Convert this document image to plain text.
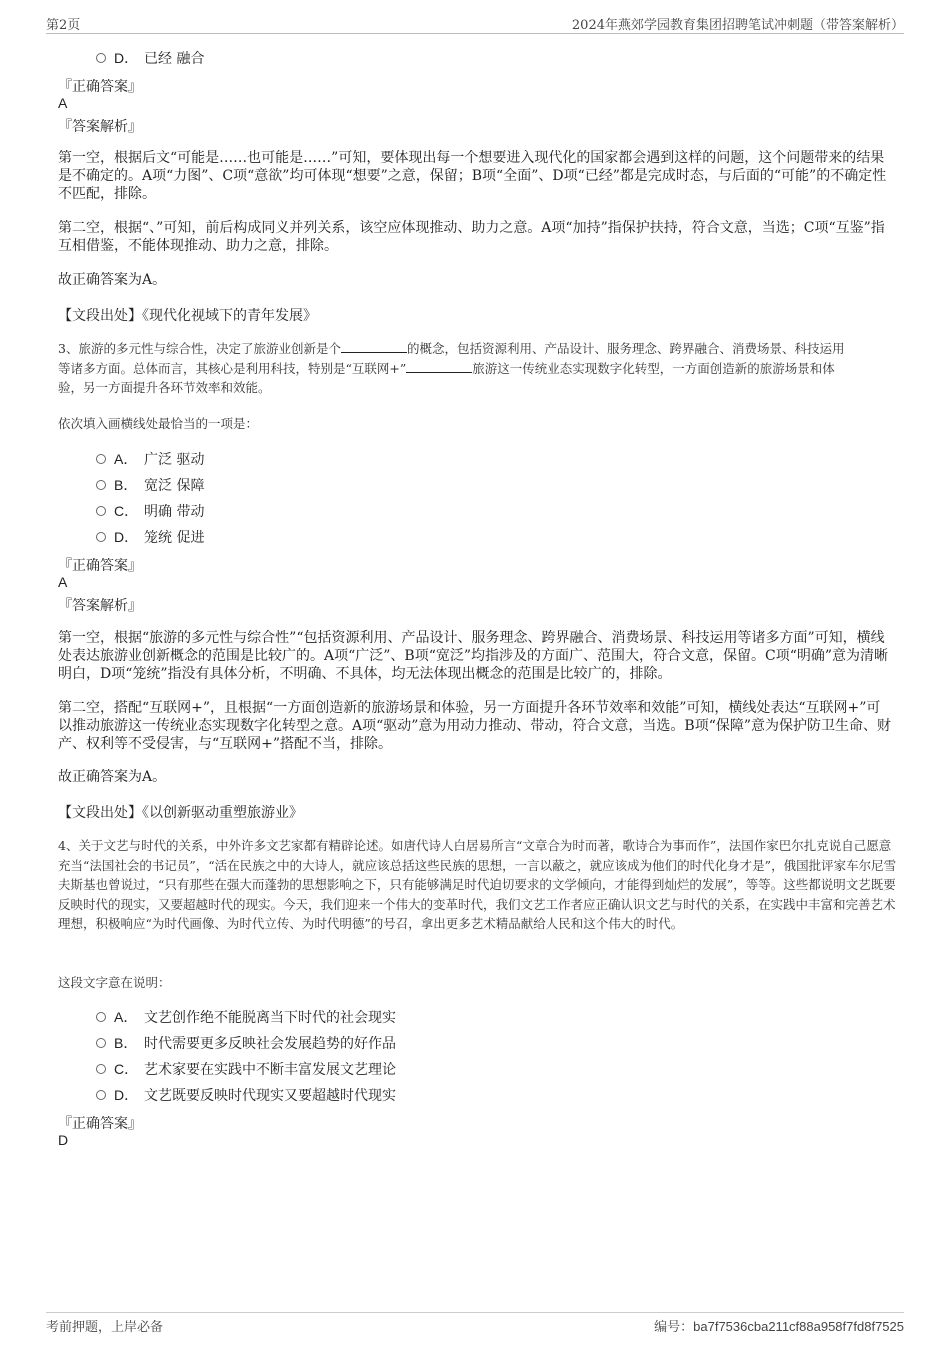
第2页	2024年燕郊学园教育集团招聘笔试冲刺题（带答案解析）
D． 已经 融合
『正确答案』
A
『答案解析』
第一空，根据后文“可能是……也可能是……”可知，要体现出每一个想要进入现代化的国家都会遇到这样的问题，这个问题带来的结果是不确定的。A项“力图”、C项“意欲”均可体现“想要”之意，保留；B项“全面”、D项“已经”都是完成时态，与后面的“可能”的不确定性不匹配，排除。
第二空，根据“、”可知，前后构成同义并列关系，该空应体现推动、助力之意。A项“加持”指保护扶持，符合文意，当选；C项“互鉴”指互相借鉴，不能体现推动、助力之意，排除。
故正确答案为A。
【文段出处】《现代化视域下的青年发展》
3、旅游的多元性与综合性，决定了旅游业创新是个	的概念，包括资源利用、产品设计、服务理念、跨界融合、消费场景、科技运用
等诸多方面。总体而言，其核心是利用科技，特别是“互联网+”	旅游这一传统业态实现数字化转型，一方面创造新的旅游场景和体
验，另一方面提升各环节效率和效能。
依次填入画横线处最恰当的一项是：
A． 广泛 驱动
B． 宽泛 保障
C． 明确 带动
D． 笼统 促进
『正确答案』
A
『答案解析』
第一空，根据“旅游的多元性与综合性”“包括资源利用、产品设计、服务理念、跨界融合、消费场景、科技运用等诸多方面”可知，横线处表达旅游业创新概念的范围是比较广的。A项“广泛”、B项“宽泛”均指涉及的方面广、范围大，符合文意，保留。C项“明确”意为清晰明白，D项“笼统”指没有具体分析，不明确、不具体，均无法体现出概念的范围是比较广的，排除。
第二空，搭配“互联网+”，且根据“一方面创造新的旅游场景和体验，另一方面提升各环节效率和效能”可知，横线处表达“互联网+”可以推动旅游这一传统业态实现数字化转型之意。A项“驱动”意为用动力推动、带动，符合文意，当选。B项“保障”意为保护防卫生命、财产、权利等不受侵害，与“互联网+”搭配不当，排除。
故正确答案为A。
【文段出处】《以创新驱动重塑旅游业》
4、关于文艺与时代的关系，中外许多文艺家都有精辟论述。如唐代诗人白居易所言“文章合为时而著，歌诗合为事而作”，法国作家巴尔扎克说自己愿意充当“法国社会的书记员”，“活在民族之中的大诗人，就应该总括这些民族的思想，一言以蔽之，就应该成为他们的时代化身才是”，俄国批评家车尔尼雪夫斯基也曾说过，“只有那些在强大而蓬勃的思想影响之下，只有能够满足时代迫切要求的文学倾向，才能得到灿烂的发展”，等等。这些都说明文艺既要反映时代的现实，又要超越时代的现实。今天，我们迎来一个伟大的变革时代，我们文艺工作者应正确认识文艺与时代的关系，在实践中丰富和完善艺术理想，积极响应“为时代画像、为时代立传、为时代明德”的号召，拿出更多艺术精品献给人民和这个伟大的时代。
这段文字意在说明：
A． 文艺创作绝不能脱离当下时代的社会现实
B． 时代需要更多反映社会发展趋势的好作品
C． 艺术家要在实践中不断丰富发展文艺理论
D． 文艺既要反映时代现实又要超越时代现实
『正确答案』
D
考前押题，上岸必备	编号：ba7f7536cba211cf88a958f7fd8f7525
